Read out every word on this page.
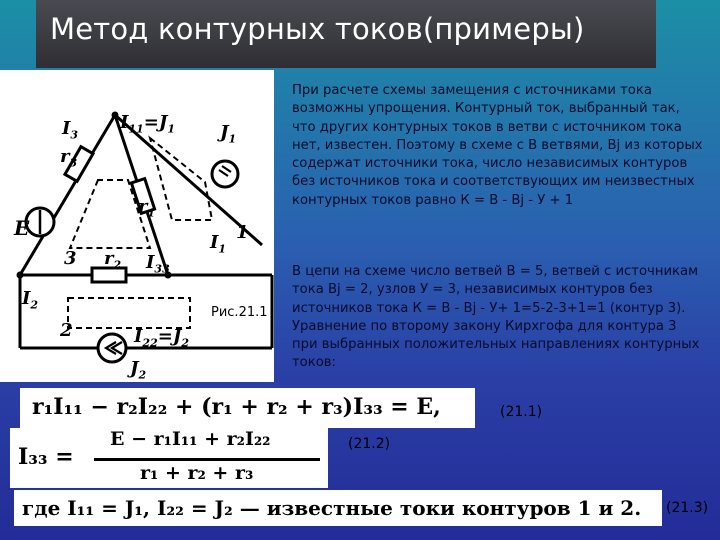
Метод контурных токов(примеры)
$I_3$
$r_3$
$I_{11}=J_1$	$J_1$
$r_1$
E
3 $r_2$ $I_{33}$
$I_1$
1
$I_2$
2	$I_{22}=J_2$
$J_2$
Рис.21.1
При расчете схемы замещения с источниками тока возможны упрощения. Контурный ток, выбранный так, что других контурных токов в ветви с источником тока нет, известен. Поэтому в схеме с В ветвями, Вj из которых содержат источники тока, число независимых контуров без источников тока и соответствующих им неизвестных контурных токов равно К = В - Вj - У + 1
В цепи на схеме число ветвей В = 5, ветвей с источникам тока Вj = 2, узлов У = 3, независимых контуров без источников тока К = В - Вj - У+ 1=5-2-3+1=1 (контур 3). Уравнение по второму закону Кирхгофа для контура 3 при выбранных положительных направлениях контурных токов:
r₁I₁₁ − r₂I₂₂ + (r₁ + r₂ + r₃)I₃₃ = E,	(21.1)
I₃₃ =
E − r₁I₁₁ + r₂I₂₂
r₁ + r₂ + r₃
(21.2)
где I₁₁ = J₁, I₂₂ = J₂ — известные токи контуров 1 и 2. (21.3)
